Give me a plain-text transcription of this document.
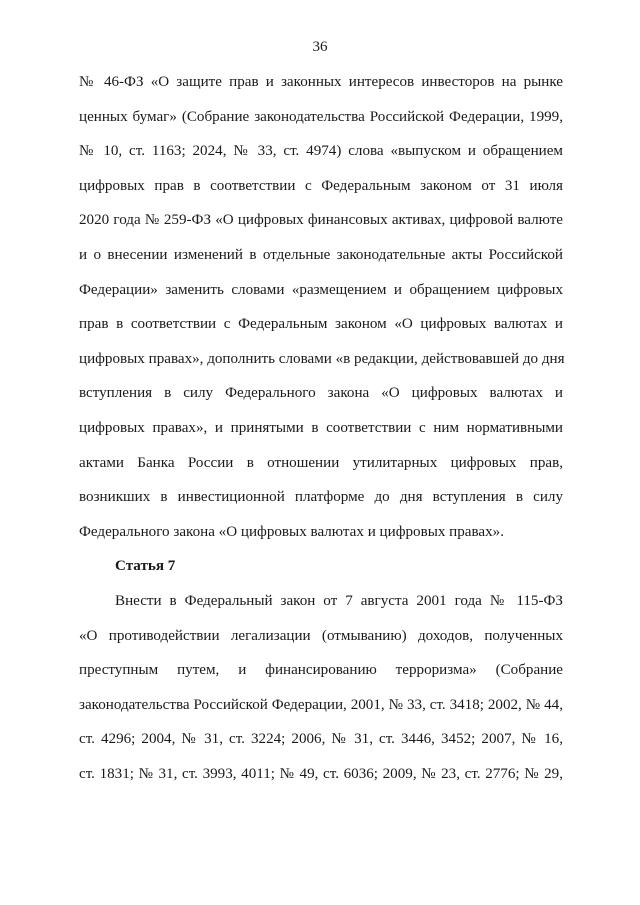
36
№ 46-ФЗ «О защите прав и законных интересов инвесторов на рынке
ценных бумаг» (Собрание законодательства Российской Федерации, 1999,
№ 10, ст. 1163; 2024, № 33, ст. 4974) слова «выпуском и обращением
цифровых прав в соответствии с Федеральным законом от 31 июля
2020 года № 259-ФЗ «О цифровых финансовых активах, цифровой валюте
и о внесении изменений в отдельные законодательные акты Российской
Федерации» заменить словами «размещением и обращением цифровых
прав в соответствии с Федеральным законом «О цифровых валютах и
цифровых правах», дополнить словами «в редакции, действовавшей до дня
вступления в силу Федерального закона «О цифровых валютах и
цифровых правах», и принятыми в соответствии с ним нормативными
актами Банка России в отношении утилитарных цифровых прав,
возникших в инвестиционной платформе до дня вступления в силу
Федерального закона «О цифровых валютах и цифровых правах».
Статья 7
Внести в Федеральный закон от 7 августа 2001 года № 115-ФЗ
«О противодействии легализации (отмыванию) доходов, полученных
преступным путем, и финансированию терроризма» (Собрание
законодательства Российской Федерации, 2001, № 33, ст. 3418; 2002, № 44,
ст. 4296; 2004, № 31, ст. 3224; 2006, № 31, ст. 3446, 3452; 2007, № 16,
ст. 1831; № 31, ст. 3993, 4011; № 49, ст. 6036; 2009, № 23, ст. 2776; № 29,
